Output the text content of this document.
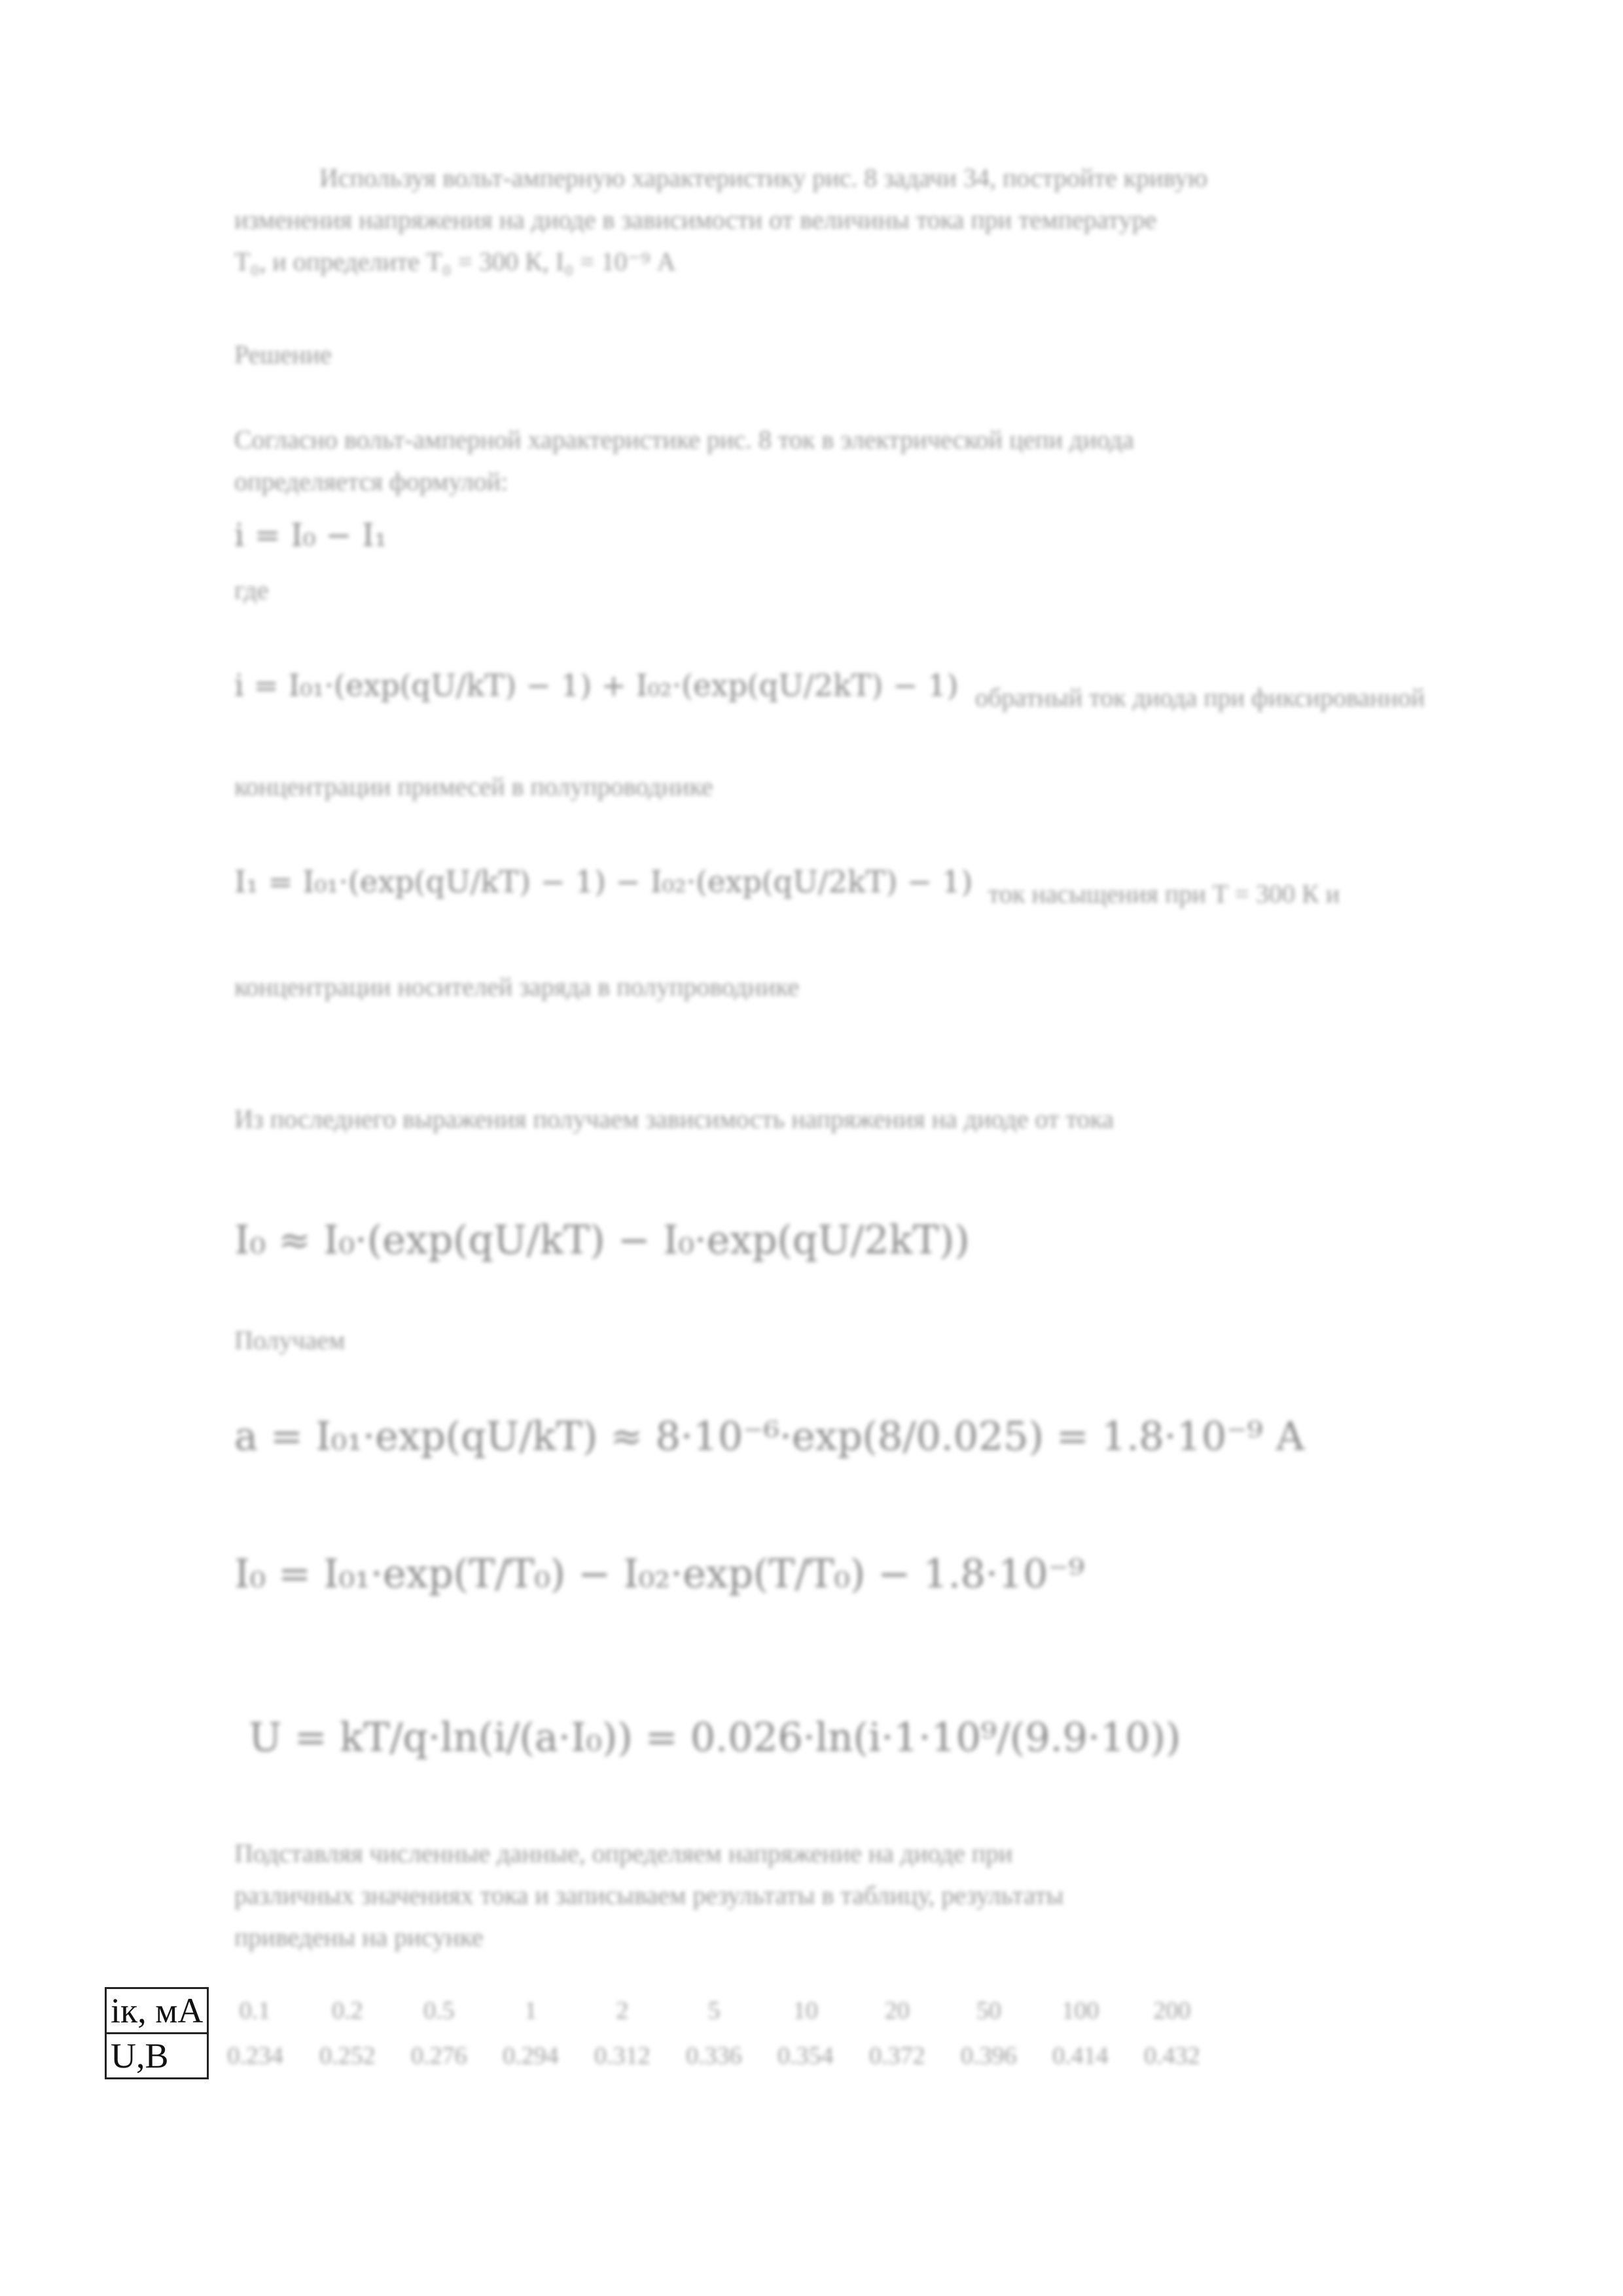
Используя вольт-амперную характеристику рис. 8 задачи 34, постройте кривую
изменения напряжения на диоде в зависимости от величины тока при температуре
T₀, и определите T₀ = 300 К, I₀ = 10⁻⁹ А
Решение
Согласно вольт-амперной характеристике рис. 8 ток в электрической цепи диода
определяется формулой:
i = I₀ − I₁
где
i = I₀₁·(exp(qU/kT) − 1) + I₀₂·(exp(qU/2kT) − 1) обратный ток диода при фиксированной
концентрации примесей в полупроводнике
I₁ = I₀₁·(exp(qU/kT) − 1) − I₀₂·(exp(qU/2kT) − 1) ток насыщения при T = 300 К и
концентрации носителей заряда в полупроводнике
Из последнего выражения получаем зависимость напряжения на диоде от тока
I₀ ≈ I₀·(exp(qU/kT) − I₀·exp(qU/2kT))
Получаем
a = I₀₁·exp(qU/kT) ≈ 8·10⁻⁶·exp(8/0.025) = 1.8·10⁻⁹ А
I₀ = I₀₁·exp(T/T₀) − I₀₂·exp(T/T₀) − 1.8·10⁻⁹
U = kT/q·ln(i/(a·I₀)) = 0.026·ln(i·1·10⁹/(9.9·10))
Подставляя численные данные, определяем напряжение на диоде при
различных значениях тока и записываем результаты в таблицу, результаты
приведены на рисунке
iк, мА	0.1	0.2	0.5	1	2	5	10	20	50	100	200
U,В	0.234	0.252	0.276	0.294	0.312	0.336	0.354	0.372	0.396	0.414	0.432
